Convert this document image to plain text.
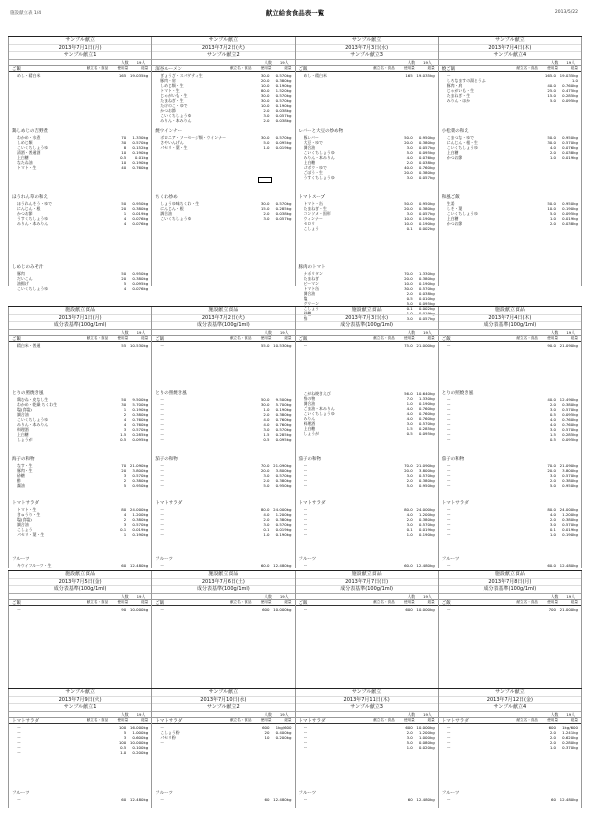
施設献立表 1/4	献立給食食品表一覧	2013/5/22
サンプル献立
2013年7月1日(月)
サンプル献立1
人数 19人
献立名・食品	使用量	総量
ご飯
めし・精白米	165 19.035kg
鶏しめじの吉野煮
わかめ・水煮	70	1.330kg
しめじ類	30	0.570kg
こいくちしょうゆ	8	0.152kg
清酒・普通酒	10	0.190kg
上白糖	0.5	0.01kg
なたね油	10	0.190kg
トマト・生	40	0.760kg
ほうれん草の和え
ほうれんそう・ゆで	50	0.950kg
にんじん・根	20	0.380kg
かつお節	1	0.019kg
うすくちしょうゆ	4	0.076kg
みりん・本みりん	4	0.076kg
しめじのみそ汁
豚肉	50	0.950kg
だいこん	20	0.380kg
油揚げ	5	0.095kg
こいくちしょうゆ	4	0.076kg
サンプル献立
2013年7月2日(火)
サンプル献立2
人数 19人
献立名・食品	使用量	総量
深谷ルーメン
ぎょうざ・スパゲティ生	30.0	0.570kg
豚肉・肩	20.0	0.380kg
しめじ類・生	10.0	0.190kg
トマト・生	80.0	1.520kg
じゃがいも・生	30.0	0.570kg
たまねぎ・生	30.0	0.570kg
たけのこ・ゆで	10.0	0.190kg
かつお節	2.0	0.038kg
こいくちしょうゆ	3.0	0.057kg
みりん・本みりん	2.0	0.038kg
焼ウインナー
ボロニア・ソーセージ類・ウインナー	30.0	0.570kg
さやいんげん	5.0	0.095kg
パセリ・葉・生	1.0	0.019kg
ちくわ炒め
しょうゆ味ちくわ・生	30.0	0.570kg
にんじん・根	15.0	0.285kg
調合油	2.0	0.038kg
こいくちしょうゆ	3.0	0.057kg
サンプル献立
2013年7月3日(水)
サンプル献立3
人数 19人
献立名・食品	使用量	総量
ご飯
めし・精白米	165 19.035kg
レバーと大豆の炒め物
豚レバー	50.0	0.950kg
大豆・ゆで	20.0	0.380kg
調合油	3.0	0.057kg
こいくちしょうゆ	5.0	0.095kg
みりん・本みりん	4.0	0.076kg
上白糖	2.0	0.038kg
ゴボウ・ゆで	40.0	0.760kg
ごぼう・生	20.0	0.380kg
うすくちしょうゆ	3.0	0.057kg
トマトスープ
トマト・缶	50.0	0.950kg
たまねぎ・生	20.0	0.380kg
コンソメ・固形	3.0	0.057kg
ウィンナー	10.0	0.190kg
セロリ	10.0	0.190kg
こしょう	0.1	0.002kg
豚肉のトマト
ナポリタン	70.0	1.330kg
たまねぎ	20.0	0.380kg
ピーマン	10.0	0.190kg
トマト缶	30.0	0.570kg
調合油	2.0	0.038kg
塩	0.5	0.010kg
グリーン	5.0	0.095kg
こしょう	0.1	0.002kg
砂糖	1.0	0.019kg
酢	3.0	0.057kg
サンプル献立
2013年7月4日(木)
サンプル献立4
人数 19人
献立名・食品	使用量	総量
焼ご飯
ー	165.0 19.035kg
しろなますの湯とうふ	1.0
豚肉・肩	40.0	0.760kg
じゃがいも・生	25.0	0.475kg
たまねぎ・生	15.0	0.285kg
みりん・ほか	5.0	0.095kg
小松菜の和え
こまつな・ゆで	50.0	0.950kg
にんじん・根・生	30.0	0.570kg
こいくちしょうゆ	4.0	0.076kg
上白糖	2.0	0.038kg
かつお節	1.0	0.019kg
和風ご飯
生姜	50.0	0.950kg
しそ・葉	10.0	0.190kg
こいくちしょうゆ	5.0	0.095kg
上白糖	1.0	0.019kg
かつお節	2.0	0.038kg
施設献立食品
2013年7月1日(月)
成分表基準(100g/1ml)
人数 19人
献立名・食品	使用量	総量
ご飯
精白米・普通	55 10.530kg
とりの照焼き風
鶏むね・皮なし生	50	9.500kg
わかめ・乾燥 ちくわ生	30	5.700kg
塩(食塩)	1	0.190kg
調合油	2	0.380kg
こいくちしょうゆ	4	0.760kg
みりん・本みりん	4	0.760kg
料理酒	3	0.570kg
上白糖	1.5	0.285kg
しょうが	0.5	0.095kg
海子の和物
なす・生	70 21.090kg
豚肉・生	20	3.800kg
砂糖	3	0.570kg
酢	2	0.380kg
醤油	5	0.950kg
トマトサラダ
トマト・生	80 24.000kg
きゅうり・生	4	1.200kg
塩(食塩)	2	0.380kg
調合油	3	0.570kg
こしょう	0.1	0.019kg
パセリ・葉・生	1	0.190kg
フルーツ
キウイフルーツ・生	60 12.480kg
施設献立食品
2013年7月2日(火)
成分表基準(100g/1ml)
人数 19人
献立名・食品	使用量	総量
ご飯
ー	55.0 10.530kg
とりの照焼き風
ー	50.0	9.500kg
ー	30.0	5.700kg
ー	1.0	0.190kg
ー	2.0	0.380kg
ー	4.0	0.760kg
ー	4.0	0.760kg
ー	3.0	0.570kg
ー	1.5	0.285kg
ー	0.5	0.095kg
茄子の和物
ー	70.0 21.090kg
ー	20.0	3.800kg
ー	3.0	0.570kg
ー	2.0	0.380kg
ー	5.0	0.950kg
トマトサラダ
ー	80.0 24.000kg
ー	4.0	1.200kg
ー	2.0	0.380kg
ー	3.0	0.570kg
ー	0.1	0.019kg
ー	1.0	0.190kg
フルーツ
ー	60.0 12.480kg
施設献立食品
2013年7月3日(水)
成分表基準(100g/1ml)
人数 19人
献立名・食品	使用量	総量
ご飯
ー	75.0 21.000kg
こがね焼きえび	56.0 10.640kg
酢の物	7.0	1.330kg
調合油	1.0	0.190kg
ごま油・本みりん	4.0	0.760kg
こいくちしょうゆ	4.0	0.760kg
みりん	4.0	0.760kg
料理酒	3.0	0.570kg
上白糖	1.5	0.285kg
しょうが	0.5	0.095kg
茄子の和物
ー	70.0 21.090kg
ー	20.0	3.800kg
ー	3.0	0.570kg
ー	2.0	0.380kg
ー	5.0	0.950kg
トマトサラダ
ー	80.0 24.000kg
ー	4.0	1.200kg
ー	2.0	0.380kg
ー	3.0	0.570kg
ー	0.1	0.019kg
ー	1.0	0.190kg
フルーツ
ー	60.0 12.480kg
施設献立食品
2013年7月4日(木)
成分表基準(100g/1ml)
人数 19人
献立名・食品	使用量	総量
ご飯
ー	90.0 21.090kg
とりの照焼き風
ー	40.0 12.490kg
ー	2.0	0.380kg
ー	3.0	0.570kg
ー	0.5	0.095kg
ー	4.0	0.760kg
ー	4.0	0.760kg
ー	3.0	0.570kg
ー	1.5	0.285kg
ー	0.5	0.095kg
茄子の和物
ー	70.0 21.090kg
ー	20.0	3.800kg
ー	3.0	0.570kg
ー	2.0	0.380kg
ー	5.0	0.950kg
トマトサラダ
ー	80.0 24.000kg
ー	4.0	1.200kg
ー	2.0	0.380kg
ー	3.0	0.570kg
ー	0.1	0.019kg
ー	1.0	0.190kg
フルーツ
ー	60.0 12.480kg
施設献立食品
2013年7月5日(金)
成分表基準(100g/1ml)
人数 19人
献立名・食品	使用量	総量
ご飯
ー	90 10.000kg
施設献立食品
2013年7月6日(土)
成分表基準(100g/1ml)
人数 19人
献立名・食品	使用量	総量
ご飯
ー	600 10.000kg
施設献立食品
2013年7月7日(日)
成分表基準(100g/1ml)
人数 19人
献立名・食品	使用量	総量
ご飯
ー	600 10.000kg
施設献立食品
2013年7月8日(月)
成分表基準(100g/1ml)
人数 19人
献立名・食品	使用量	総量
ご飯
ー	700 21.000kg
サンプル献立
2013年7月9日(火)
サンプル献立1
人数 19人
献立名・食品	使用量	総量
トマトサラダ
ー	100 16.000kg
ー	5	1.000kg
ー	3	0.600kg
ー	100 10.000kg
ー	0.5	0.100kg
ー	1.0	0.200kg
フルーツ
ー	60 12.480kg
サンプル献立
2013年7月10日(水)
サンプル献立2
人数 19人
献立名・食品	使用量	総量
トマトサラダ
ー	600	1kg/600
こしょう粉	20	0.400kg
パセリ粉	10	0.200kg
ー
フルーツ
ー	60 12.480kg
サンプル献立
2013年7月11日(木)
サンプル献立3
人数 19人
献立名・食品	使用量	総量
トマトサラダ
ー	600 10.000kg
ー	2.0	1.200kg
ー	3.0	1.000kg
ー	5.0	0.080kg
ー	1.0	0.020kg
フルーツ
ー	60 12.480kg
サンプル献立
2013年7月12日(金)
サンプル献立4
人数 19人
献立名・食品	使用量	総量
トマトサラダ
ー	600	1kg/600
ー	2.0	1.241kg
ー	2.0	0.620kg
ー	2.0	0.280kg
ー	1.0	0.370kg
フルーツ
ー	60 12.480kg
